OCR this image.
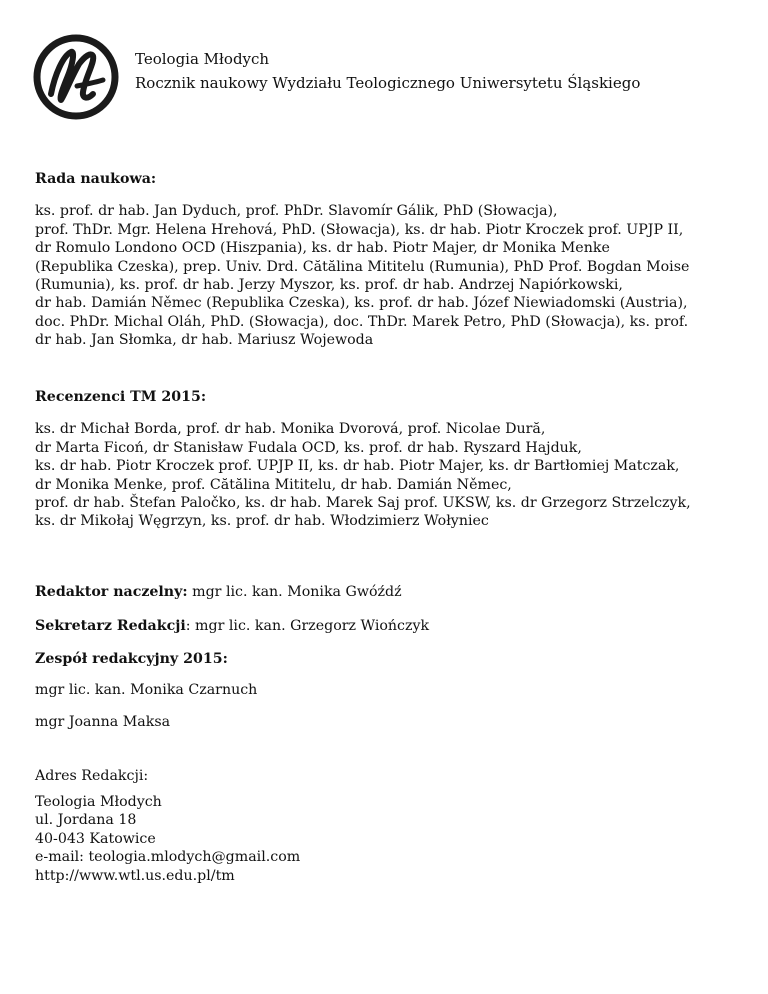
Teologia Młodych
Rocznik naukowy Wydziału Teologicznego Uniwersytetu Śląskiego
Rada naukowa:
ks. prof. dr hab. Jan Dyduch, prof. PhDr. Slavomír Gálik, PhD (Słowacja),
prof. ThDr. Mgr. Helena Hrehová, PhD. (Słowacja), ks. dr hab. Piotr Kroczek prof. UPJP II,
dr Romulo Londono OCD (Hiszpania), ks. dr hab. Piotr Majer, dr Monika Menke
(Republika Czeska), prep. Univ. Drd. Cătălina Mititelu (Rumunia), PhD Prof. Bogdan Moise
(Rumunia), ks. prof. dr hab. Jerzy Myszor, ks. prof. dr hab. Andrzej Napiórkowski,
dr hab. Damián Němec (Republika Czeska), ks. prof. dr hab. Józef Niewiadomski (Austria),
doc. PhDr. Michal Oláh, PhD. (Słowacja), doc. ThDr. Marek Petro, PhD (Słowacja), ks. prof.
dr hab. Jan Słomka, dr hab. Mariusz Wojewoda
Recenzenci TM 2015:
ks. dr Michał Borda, prof. dr hab. Monika Dvorová, prof. Nicolae Dură,
dr Marta Ficoń, dr Stanisław Fudala OCD, ks. prof. dr hab. Ryszard Hajduk,
ks. dr hab. Piotr Kroczek prof. UPJP II, ks. dr hab. Piotr Majer, ks. dr Bartłomiej Matczak,
dr Monika Menke, prof. Cătălina Mititelu, dr hab. Damián Němec,
prof. dr hab. Štefan Paločko, ks. dr hab. Marek Saj prof. UKSW, ks. dr Grzegorz Strzelczyk,
ks. dr Mikołaj Węgrzyn, ks. prof. dr hab. Włodzimierz Wołyniec
Redaktor naczelny: mgr lic. kan. Monika Gwóźdź
Sekretarz Redakcji: mgr lic. kan. Grzegorz Wiończyk
Zespół redakcyjny 2015:
mgr lic. kan. Monika Czarnuch
mgr Joanna Maksa
Adres Redakcji:
Teologia Młodych
ul. Jordana 18
40-043 Katowice
e-mail: teologia.mlodych@gmail.com
http://www.wtl.us.edu.pl/tm
